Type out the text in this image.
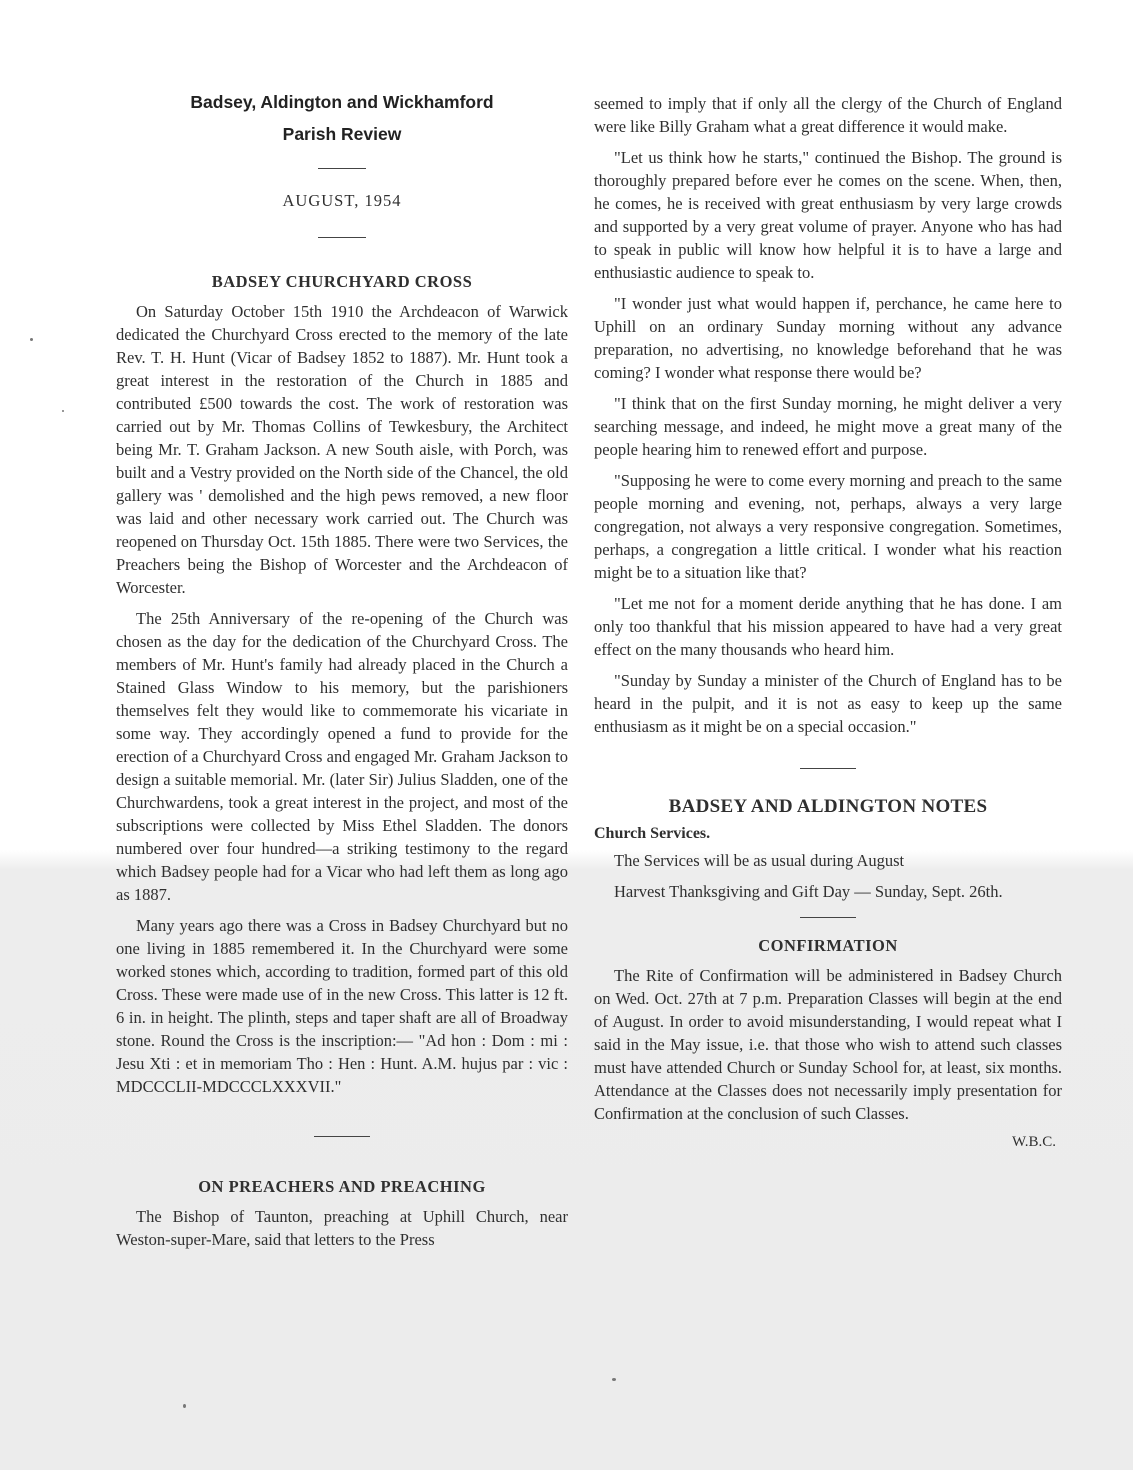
Badsey, Aldington and Wickhamford
Parish Review
AUGUST, 1954
BADSEY CHURCHYARD CROSS

On Saturday October 15th 1910 the Archdeacon of Warwick dedicated the Churchyard Cross erected to the memory of the late Rev. T. H. Hunt (Vicar of Badsey 1852 to 1887). Mr. Hunt took a great interest in the restoration of the Church in 1885 and contributed £500 towards the cost. The work of restoration was carried out by Mr. Thomas Collins of Tewkesbury, the Architect being Mr. T. Graham Jackson. A new South aisle, with Porch, was built and a Vestry provided on the North side of the Chancel, the old gallery was ' demolished and the high pews removed, a new floor was laid and other necessary work carried out. The Church was reopened on Thursday Oct. 15th 1885. There were two Services, the Preachers being the Bishop of Worcester and the Archdeacon of Worcester.

The 25th Anniversary of the re-opening of the Church was chosen as the day for the dedication of the Churchyard Cross. The members of Mr. Hunt's family had already placed in the Church a Stained Glass Window to his memory, but the parishioners themselves felt they would like to commemorate his vicariate in some way. They accordingly opened a fund to provide for the erection of a Churchyard Cross and engaged Mr. Graham Jackson to design a suitable memorial. Mr. (later Sir) Julius Sladden, one of the Churchwardens, took a great interest in the project, and most of the subscriptions were collected by Miss Ethel Sladden. The donors numbered over four hundred—a striking testimony to the regard which Badsey people had for a Vicar who had left them as long ago as 1887.

Many years ago there was a Cross in Badsey Churchyard but no one living in 1885 remembered it. In the Churchyard were some worked stones which, according to tradition, formed part of this old Cross. These were made use of in the new Cross. This latter is 12 ft. 6 in. in height. The plinth, steps and taper shaft are all of Broadway stone. Round the Cross is the inscription:— "Ad hon : Dom : mi : Jesu Xti : et in memoriam Tho : Hen : Hunt. A.M. hujus par : vic : MDCCCLII-MDCCCLXXXVII."

ON PREACHERS AND PREACHING

The Bishop of Taunton, preaching at Uphill Church, near Weston-super-Mare, said that letters to the Press

seemed to imply that if only all the clergy of the Church of England were like Billy Graham what a great difference it would make.

"Let us think how he starts," continued the Bishop. The ground is thoroughly prepared before ever he comes on the scene. When, then, he comes, he is received with great enthusiasm by very large crowds and supported by a very great volume of prayer. Anyone who has had to speak in public will know how helpful it is to have a large and enthusiastic audience to speak to.

"I wonder just what would happen if, perchance, he came here to Uphill on an ordinary Sunday morning without any advance preparation, no advertising, no knowledge beforehand that he was coming? I wonder what response there would be?

"I think that on the first Sunday morning, he might deliver a very searching message, and indeed, he might move a great many of the people hearing him to renewed effort and purpose.

"Supposing he were to come every morning and preach to the same people morning and evening, not, perhaps, always a very large congregation, not always a very responsive congregation. Sometimes, perhaps, a congregation a little critical. I wonder what his reaction might be to a situation like that?

"Let me not for a moment deride anything that he has done. I am only too thankful that his mission appeared to have had a very great effect on the many thousands who heard him.

"Sunday by Sunday a minister of the Church of England has to be heard in the pulpit, and it is not as easy to keep up the same enthusiasm as it might be on a special occasion."

BADSEY AND ALDINGTON NOTES
Church Services.

The Services will be as usual during August

Harvest Thanksgiving and Gift Day — Sunday, Sept. 26th.

CONFIRMATION

The Rite of Confirmation will be administered in Badsey Church on Wed. Oct. 27th at 7 p.m. Preparation Classes will begin at the end of August. In order to avoid misunderstanding, I would repeat what I said in the May issue, i.e. that those who wish to attend such classes must have attended Church or Sunday School for, at least, six months. Attendance at the Classes does not necessarily imply presentation for Confirmation at the conclusion of such Classes.

W.B.C.
